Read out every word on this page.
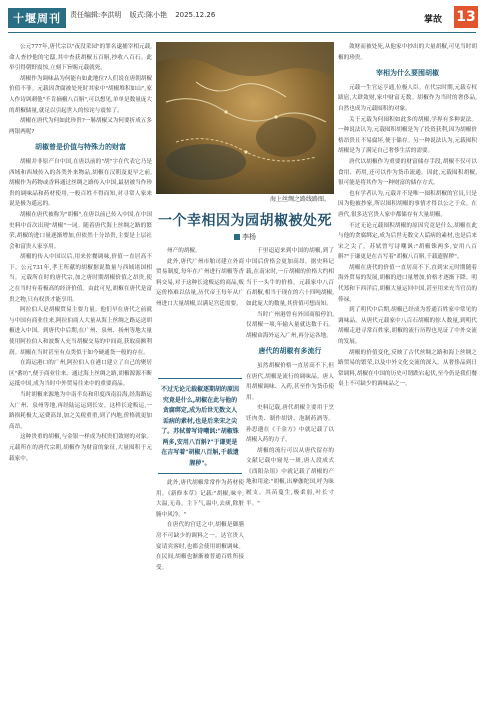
十堰周刊	责任编辑:李洪明 版式:陈小艳 2025.12.26	掌故 13

公元777年,唐代宗以"夜没采园"的罪名逮捕宰相元载,命人查抄他的宅邸,其中查获胡椒五百斛,抄收八百石。此举引得朝野震惊,立刻下旨赐元载就死。

胡椒作为调味品为何能有如此地位?人们说在唐朝胡椒价值不菲。元载因贪腐被处死时其家中"胡椒堆积如山",家人作诗讽刺他"不肯摘椒八百斛",可以想见,单单是数量庞大的胡椒储量,就足以引起世人的惊诧与震惊了。

胡椒在唐代为何如此珍贵?一斛胡椒又为何要折成五多两银两呢?

胡椒曾是价值与特殊力的财富

胡椒并非原产自中国,在唐以前的"胡"字在代表它乃是西域和西域传入的各类外来物品,胡椒在汉朝及更早之前,胡椒作为药物或香料通过丝绸之路传入中国,最初被当作珍贵的调味品和药材使用,一般百姓不得而知,对寻常人家来说是极为遥远的。

胡椒在唐代被称为"胡椒",在唐以前已传入中国,在中国史料中首次出现"胡椒"一词。随着唐代海上丝绸之路的繁荣,胡椒的进口量逐渐增加,但依然十分昂贵,主要是上层社会和富贵人家享用。

胡椒的传入中国以后,用来佐餐调味,价值一直居高不下。公元731年,孝王所献的胡椒据说数量与西域诸国相当。元载所在时的唐代宗,加之唐时期胡椒价值之昂贵,使之在当时有着极高的经济价值。由此可见,胡椒在唐代是富贵之物,只有权贵才能享用。

阿拉伯人是胡椒贸易主要力量。他们早在唐代之前就与中国有商业往来,阿拉伯商人大量从海上丝绸之路运送胡椒进入中国。到唐代中后期,在广州、泉州、扬州等地大量使用阿拉伯人和波斯人充当胡椒交易的中间商,获取高额利润。胡椒在当时甚至有点类似于如今硬通货一般的存在。

在海运港口的广州,阿拉伯人在港口建立了自己的聚居区"蕃坊",便于商业往来。通过海上丝绸之路,胡椒源源不断运抵中国,成为当时中外贸易往来中的重要商品。

当时胡椒来源地为中南半岛和印度西南沿海,经海路运入广州、泉州等地,再经陆运运到长安。这样长途贩运,一路损耗极大,运费高昂,加之关税重重,到了内地,价格就更加高昂。

这种贵重的胡椒,与金银一样成为权贵们敛财的对象。元载所在的唐代宗朝,胡椒作为财富的象征,大量囤积于元载家中。

海上丝绸之路线路图。
一个幸相因为园胡椒被处死
李杨

州产的胡椒。

此外,唐代广州市舶司建立外商贸易制度,每年在广州进行胡椒等香料交易,对于这种长途贩运的商品,贩运价格难以估量,历代帝王每年从广州进口大量胡椒,以满足宫廷需要。

不过无论元载椒逐期胡的原因究竟是什么,胡椒在此与他的贪腐绑定,成为后世无数文人诟病的素材,也是后来宋之尖了。苏轼曾写诗嘲讽:"胡椒铢两多,安用八百斛?"于谦更是在吉写着"胡椒八百斛,千载遗腥秽"。

此外,唐代胡椒常常作为药材使用。《新修本草》记载:"胡椒,味辛,大温,无毒。主下气,温中,去痰,除脏腑中风冷。"

在唐代的宫廷之中,胡椒是御膳房不可缺少的调料之一。达官贵人宴请宾客时,也都会使用胡椒调味。在民间,胡椒也渐渐被普通百姓所接受。

千里迢迢来到中国的胡椒,到了中国后价格会更加高昂。据史料记载,在南宋时,一斤胡椒的价格大约相当于一头牛的价格。元载家中八百石胡椒,相当于现在的六十四吨胡椒,如此庞大的数量,其价值可想而知。

当时广州港曾有外国商船停泊,仅胡椒一项,年输入量就达数千石。胡椒由海外运入广州,再分运各地。

唐代的胡椒有多流行

虽然胡椒价格一直居高不下,但在唐代,胡椒是流行的调味品。唐人用胡椒调味、入药,甚至作为货币使用。

史料记载,唐代胡椒主要用于烹饪肉类、制作胡饼、泡制药酒等。孙思邈在《千金方》中就记载了以胡椒入药的方子。

胡椒的流行可以从唐代留存的文献记载中窥见一斑,唐人段成式《酉阳杂俎》中就记载了胡椒的产地和用途:"胡椒,出摩伽陀国,呼为昧履支。其苗蔓生,极柔弱,叶长寸半。"

敛财而被处死,从他家中抄出的大量胡椒,可见当时胡椒的珍贵。

宰相为什么要囤胡椒

元载一生官运亨通,位极人臣。在代宗时期,元载专权跋扈,大肆敛财,家中财富无数。胡椒作为当时的奢侈品,自然也成为元载囤积的对象。

关于元载为何囤积如此多的胡椒,学界有多种说法。一种说法认为,元载囤积胡椒是为了投资获利,因为胡椒价格昂贵且不易腐坏,便于储存。另一种说法认为,元载囤积胡椒是为了满足自己奢侈生活的需要。

唐代以胡椒作为重要的财富储存手段,胡椒不仅可以食用、药用,还可以作为货币流通。因此,元载囤积胡椒,很可能是将其作为一种财富的储存方式。

也有学者认为,元载并不是唯一囤积胡椒的官员,只是因为他被抄家,所以囤积胡椒的事情才得以公之于众。在唐代,很多达官贵人家中都储存有大量胡椒。

不过无论元载囤积胡椒的原因究竟是什么,胡椒在此与他的贪腐绑定,成为后世无数文人诟病的素材,也是后来宋之尖了。苏轼曾写诗嘲讽:"胡椒铢两多,安用八百斛?"于谦更是在吉写着"胡椒八百斛,千载遗腥秽"。

胡椒在唐代的价值一直居高不下,直到宋元时期随着海外贸易的发展,胡椒的进口量增加,价格才逐渐下降。明代郑和下西洋后,胡椒大量运回中国,甚至用来充当官员的俸禄。

到了明代中后期,胡椒已经成为普通百姓家中常见的调味品。从唐代元载家中八百石胡椒的惊人数量,到明代胡椒走进寻常百姓家,胡椒的流行历程也见证了中外交流的发展。

胡椒的价值变化,反映了古代丝绸之路和海上丝绸之路贸易的繁荣,以及中外文化交流的深入。从奢侈品到日常调料,胡椒在中国的历史可谓跌宕起伏,至今仍是我们餐桌上不可缺少的调味品之一。
